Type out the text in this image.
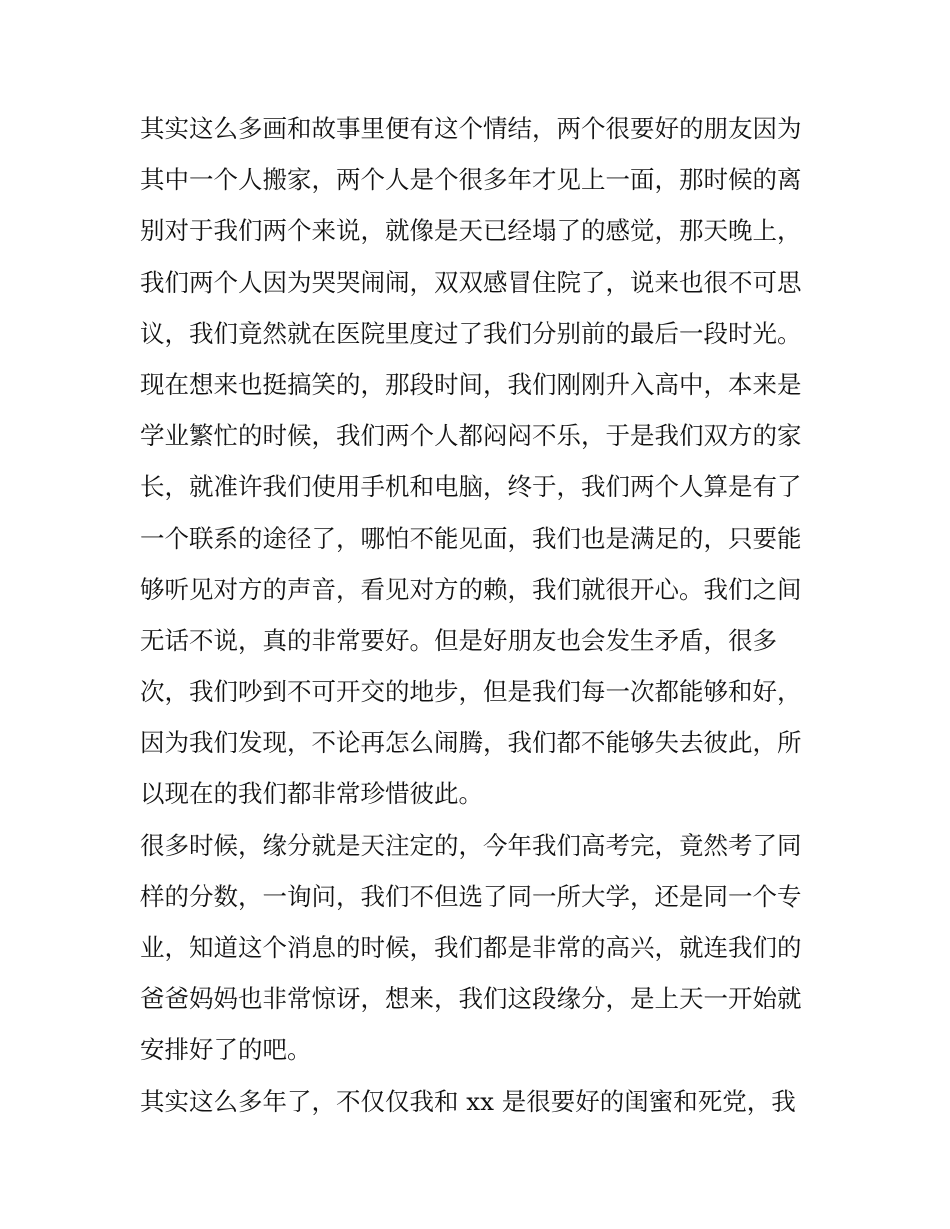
其实这么多画和故事里便有这个情结，两个很要好的朋友因为
其中一个人搬家，两个人是个很多年才见上一面，那时候的离
别对于我们两个来说，就像是天已经塌了的感觉，那天晚上，
我们两个人因为哭哭闹闹，双双感冒住院了，说来也很不可思
议，我们竟然就在医院里度过了我们分别前的最后一段时光。
现在想来也挺搞笑的，那段时间，我们刚刚升入高中，本来是
学业繁忙的时候，我们两个人都闷闷不乐，于是我们双方的家
长，就准许我们使用手机和电脑，终于，我们两个人算是有了
一个联系的途径了，哪怕不能见面，我们也是满足的，只要能
够听见对方的声音，看见对方的赖，我们就很开心。我们之间
无话不说，真的非常要好。但是好朋友也会发生矛盾，很多
次，我们吵到不可开交的地步，但是我们每一次都能够和好，
因为我们发现，不论再怎么闹腾，我们都不能够失去彼此，所
以现在的我们都非常珍惜彼此。
很多时候，缘分就是天注定的，今年我们高考完，竟然考了同
样的分数，一询问，我们不但选了同一所大学，还是同一个专
业，知道这个消息的时候，我们都是非常的高兴，就连我们的
爸爸妈妈也非常惊讶，想来，我们这段缘分，是上天一开始就
安排好了的吧。
其实这么多年了，不仅仅我和 xx 是很要好的闺蜜和死党，我
